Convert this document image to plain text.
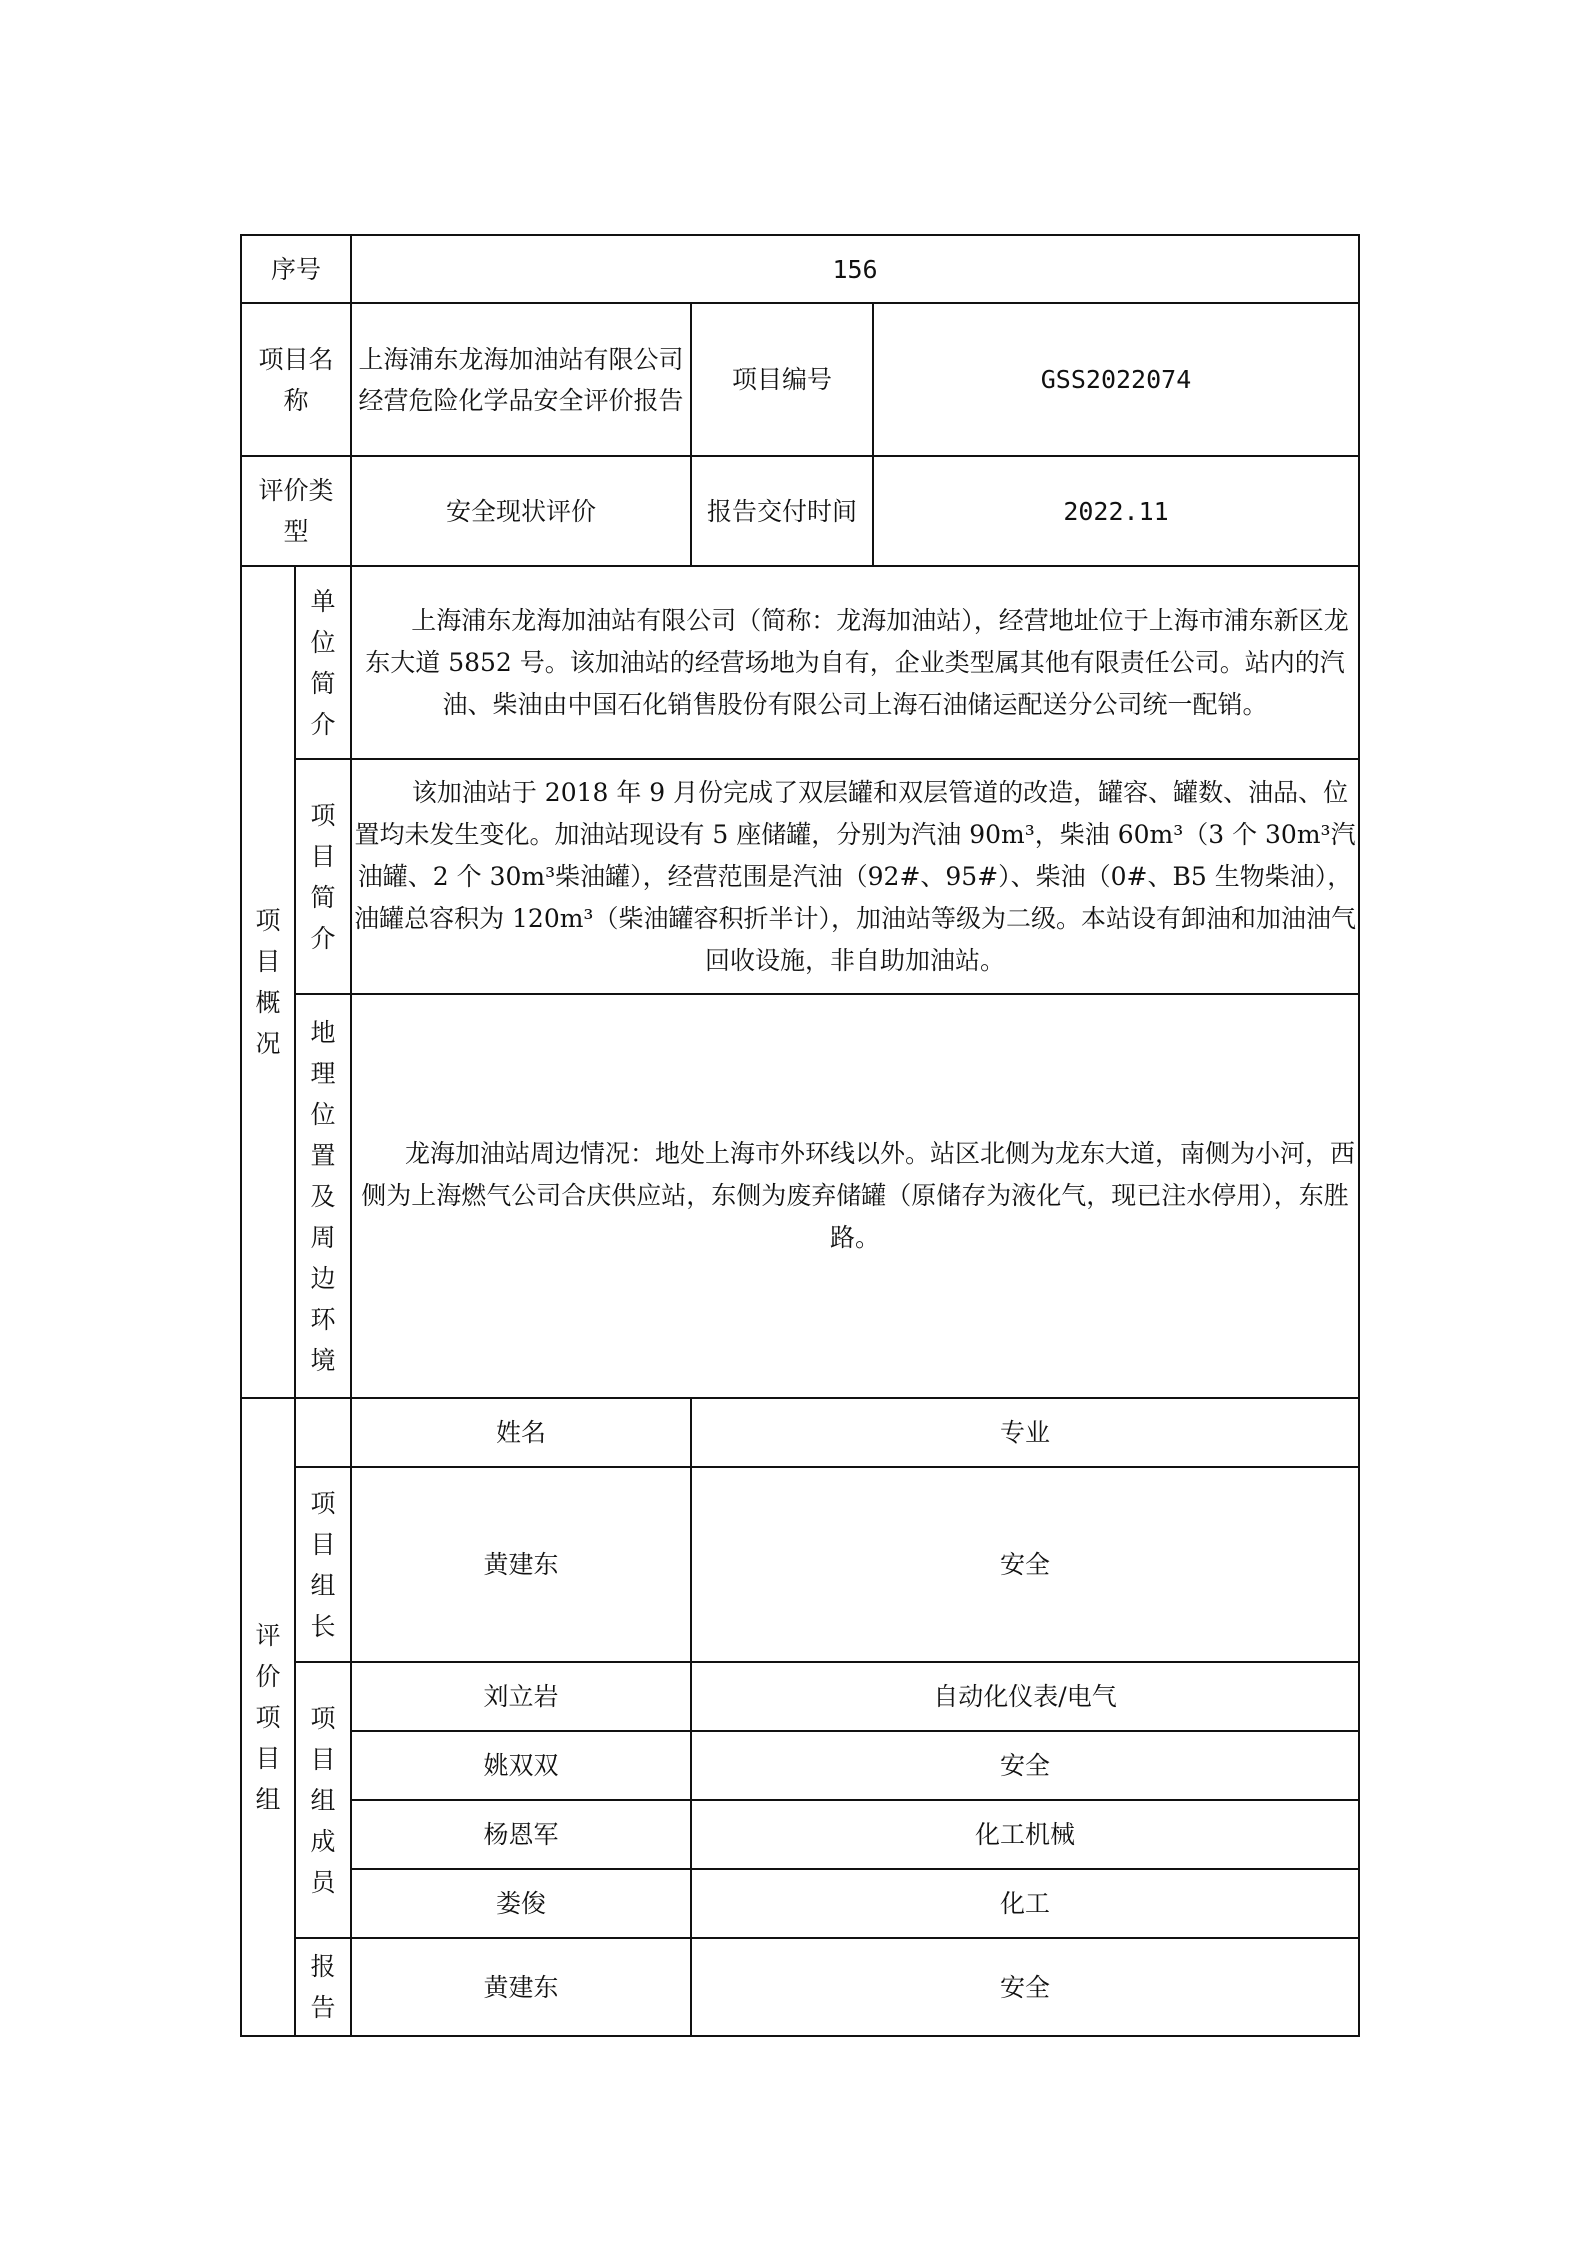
序号		156		
项目名称		上海浦东龙海加油站有限公司经营危险化学品安全评价报告	项目编号	GSS2022074
评价类型		安全现状评价	报告交付时间	2022.11
项目概况	单位简介	上海浦东龙海加油站有限公司（简称：龙海加油站），经营地址位于上海市浦东新区龙东大道 5852 号。该加油站的经营场地为自有，企业类型属其他有限责任公司。站内的汽油、柴油由中国石化销售股份有限公司上海石油储运配送分公司统一配销。		

	项目简介	该加油站于 2018 年 9 月份完成了双层罐和双层管道的改造，罐容、罐数、油品、位置均未发生变化。加油站现设有 5 座储罐，分别为汽油 90m³，柴油 60m³（3 个 30m³汽油罐、2 个 30m³柴油罐），经营范围是汽油（92#、95#）、柴油（0#、B5 生物柴油），油罐总容积为 120m³（柴油罐容积折半计），加油站等级为二级。本站设有卸油和加油油气回收设施，非自助加油站。		

	地理位置及周边环境	龙海加油站周边情况：地处上海市外环线以外。站区北侧为龙东大道，南侧为小河，西侧为上海燃气公司合庆供应站，东侧为废弃储罐（原储存为液化气，现已注水停用），东胜路。		

评价项目组		姓名	专业	
	项目组长	黄建东	安全	
	项目组成员	刘立岩	自动化仪表/电气	
		姚双双	安全	
		杨恩军	化工机械	
		娄俊	化工	
	报告	黄建东	安全	
